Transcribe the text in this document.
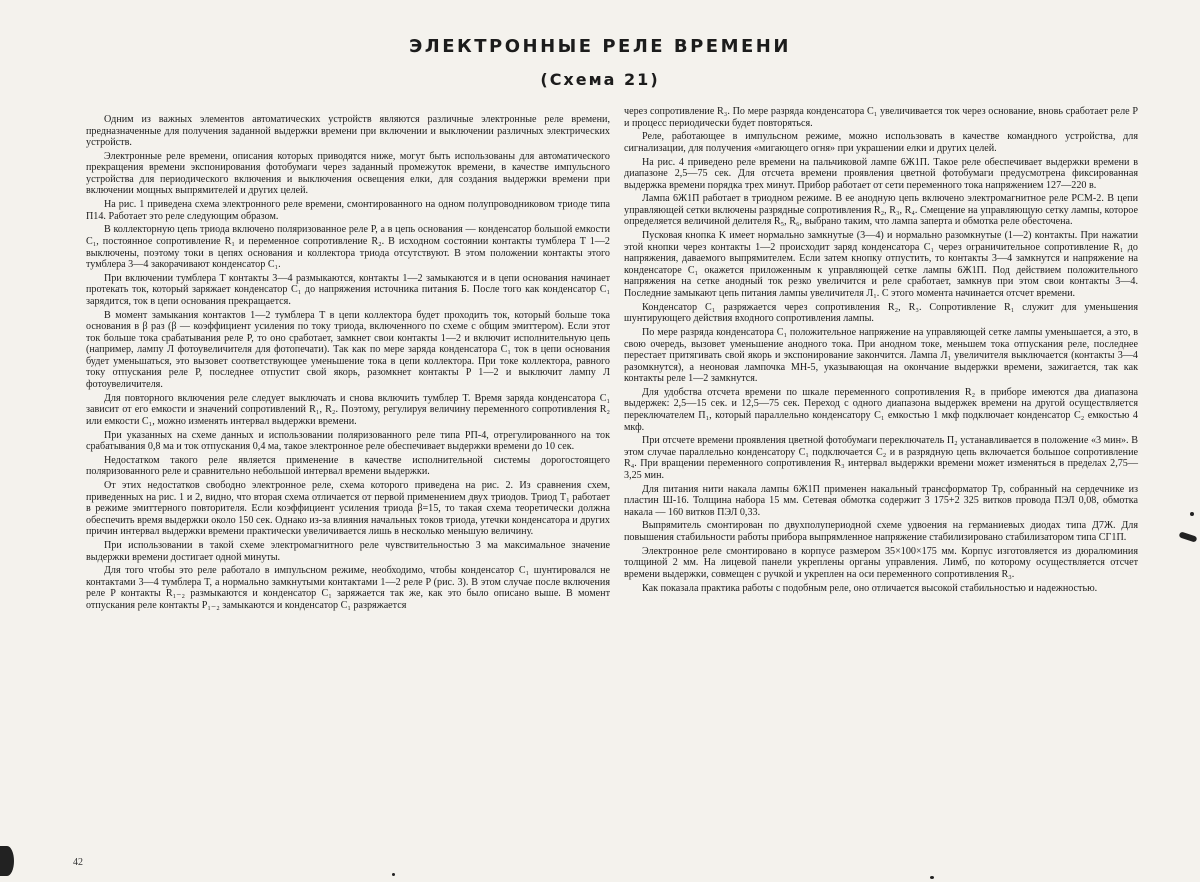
ЭЛЕКТРОННЫЕ РЕЛЕ ВРЕМЕНИ
(Схема 21)

Одним из важных элементов автоматических устройств являются различные электронные реле времени, предназначенные для получения заданной выдержки времени при включении и выключении различных электрических устройств.

Электронные реле времени, описания которых приводятся ниже, могут быть использованы для автоматического прекращения времени экспонирования фотобумаги через заданный промежуток времени, в качестве импульсного устройства для периодического включения и выключения освещения елки, для создания выдержки времени при включении мощных выпрямителей и других целей.

На рис. 1 приведена схема электронного реле времени, смонтированного на одном полупроводниковом триоде типа П14. Работает это реле следующим образом.

В коллекторную цепь триода включено поляризованное реле P, а в цепь основания — конденсатор большой емкости C₁, постоянное сопротивление R₁ и переменное сопротивление R₂. В исходном состоянии контакты тумблера T 1—2 выключены, поэтому токи в цепях основания и коллектора триода отсутствуют. В этом положении контакты этого тумблера 3—4 закорачивают конденсатор C₁.

При включении тумблера T контакты 3—4 размыкаются, контакты 1—2 замыкаются и в цепи основания начинает протекать ток, который заряжает конденсатор C₁ до напряжения источника питания Б. После того как конденсатор C₁ зарядится, ток в цепи основания прекращается.

В момент замыкания контактов 1—2 тумблера T в цепи коллектора будет проходить ток, который больше тока основания в β раз (β — коэффициент усиления по току триода, включенного по схеме с общим эмиттером). Если этот ток больше тока срабатывания реле P, то оно сработает, замкнет свои контакты 1—2 и включит исполнительную цепь (например, лампу Л фотоувеличителя для фотопечати). Так как по мере заряда конденсатора C₁ ток в цепи основания будет уменьшаться, это вызовет соответствующее уменьшение тока в цепи коллектора. При токе коллектора, равного току отпускания реле P, последнее отпустит свой якорь, разомкнет контакты P 1—2 и выключит лампу Л фотоувеличителя.

Для повторного включения реле следует выключать и снова включить тумблер T. Время заряда конденсатора C₁ зависит от его емкости и значений сопротивлений R₁, R₂. Поэтому, регулируя величину переменного сопротивления R₂ или емкости C₁, можно изменять интервал выдержки времени.

При указанных на схеме данных и использовании поляризованного реле типа РП-4, отрегулированного на ток срабатывания 0,8 ма и ток отпускания 0,4 ма, такое электронное реле обеспечивает выдержки времени до 10 сек.

Недостатком такого реле является применение в качестве исполнительной системы дорогостоящего поляризованного реле и сравнительно небольшой интервал времени выдержки.

От этих недостатков свободно электронное реле, схема которого приведена на рис. 2. Из сравнения схем, приведенных на рис. 1 и 2, видно, что вторая схема отличается от первой применением двух триодов. Триод T₁ работает в режиме эмиттерного повторителя. Если коэффициент усиления триода β=15, то такая схема теоретически должна обеспечить время выдержки около 150 сек. Однако из-за влияния начальных токов триода, утечки конденсатора и других причин интервал выдержки времени практически увеличивается лишь в несколько меньшую величину.

При использовании в такой схеме электромагнитного реле чувствительностью 3 ма максимальное значение выдержки времени достигает одной минуты.

Для того чтобы это реле работало в импульсном режиме, необходимо, чтобы конденсатор C₁ шунтировался не контактами 3—4 тумблера T, а нормально замкнутыми контактами 1—2 реле P (рис. 3). В этом случае после включения реле P контакты R₁₋₂ размыкаются и конденсатор C₁ заряжается так же, как это было описано выше. В момент отпускания реле контакты P₁₋₂ замыкаются и конденсатор C₁ разряжается

через сопротивление R₃. По мере разряда конденсатора C₁ увеличивается ток через основание, вновь сработает реле P и процесс периодически будет повторяться.

Реле, работающее в импульсном режиме, можно использовать в качестве командного устройства, для сигнализации, для получения «мигающего огня» при украшении елки и других целей.

На рис. 4 приведено реле времени на пальчиковой лампе 6Ж1П. Такое реле обеспечивает выдержки времени в диапазоне 2,5—75 сек. Для отсчета времени проявления цветной фотобумаги предусмотрена фиксированная выдержка времени порядка трех минут. Прибор работает от сети переменного тока напряжением 127—220 в.

Лампа 6Ж1П работает в триодном режиме. В ее анодную цепь включено электромагнитное реле РСМ-2. В цепи управляющей сетки включены разрядные сопротивления R₂, R₃, R₄. Смещение на управляющую сетку лампы, которое определяется величиной делителя R₅, R₆, выбрано таким, что лампа заперта и обмотка реле обесточена.

Пусковая кнопка K имеет нормально замкнутые (3—4) и нормально разомкнутые (1—2) контакты. При нажатии этой кнопки через контакты 1—2 происходит заряд конденсатора C₁ через ограничительное сопротивление R₁ до напряжения, даваемого выпрямителем. Если затем кнопку отпустить, то контакты 3—4 замкнутся и напряжение на конденсаторе C₁ окажется приложенным к управляющей сетке лампы 6Ж1П. Под действием положительного напряжения на сетке анодный ток резко увеличится и реле сработает, замкнув при этом свои контакты 3—4. Последние замыкают цепь питания лампы увеличителя Л₁. С этого момента начинается отсчет времени.

Конденсатор C₁ разряжается через сопротивления R₂, R₃. Сопротивление R₁ служит для уменьшения шунтирующего действия входного сопротивления лампы.

По мере разряда конденсатора C₁ положительное напряжение на управляющей сетке лампы уменьшается, а это, в свою очередь, вызовет уменьшение анодного тока. При анодном токе, меньшем тока отпускания реле, последнее перестает притягивать свой якорь и экспонирование закончится. Лампа Л₁ увеличителя выключается (контакты 3—4 разомкнутся), а неоновая лампочка МН-5, указывающая на окончание выдержки времени, зажигается, так как контакты реле 1—2 замкнутся.

Для удобства отсчета времени по шкале переменного сопротивления R₂ в приборе имеются два диапазона выдержек: 2,5—15 сек. и 12,5—75 сек. Переход с одного диапазона выдержек времени на другой осуществляется переключателем П₁, который параллельно конденсатору C₁ емкостью 1 мкф подключает конденсатор C₂ емкостью 4 мкф.

При отсчете времени проявления цветной фотобумаги переключатель П₂ устанавливается в положение «3 мин». В этом случае параллельно конденсатору C₁ подключается C₂ и в разрядную цепь включается большое сопротивление R₄. При вращении переменного сопротивления R₃ интервал выдержки времени может изменяться в пределах 2,75—3,25 мин.

Для питания нити накала лампы 6Ж1П применен накальный трансформатор Tр, собранный на сердечнике из пластин Ш-16. Толщина набора 15 мм. Сетевая обмотка содержит 3 175+2 325 витков провода ПЭЛ 0,08, обмотка накала — 160 витков ПЭЛ 0,33.

Выпрямитель смонтирован по двухполупериодной схеме удвоения на германиевых диодах типа Д7Ж. Для повышения стабильности работы прибора выпрямленное напряжение стабилизировано стабилизатором типа СГ1П.

Электронное реле смонтировано в корпусе размером 35×100×175 мм. Корпус изготовляется из дюралюминия толщиной 2 мм. На лицевой панели укреплены органы управления. Лимб, по которому осуществляется отсчет времени выдержки, совмещен с ручкой и укреплен на оси переменного сопротивления R₃.

Как показала практика работы с подобным реле, оно отличается высокой стабильностью и надежностью.

42
